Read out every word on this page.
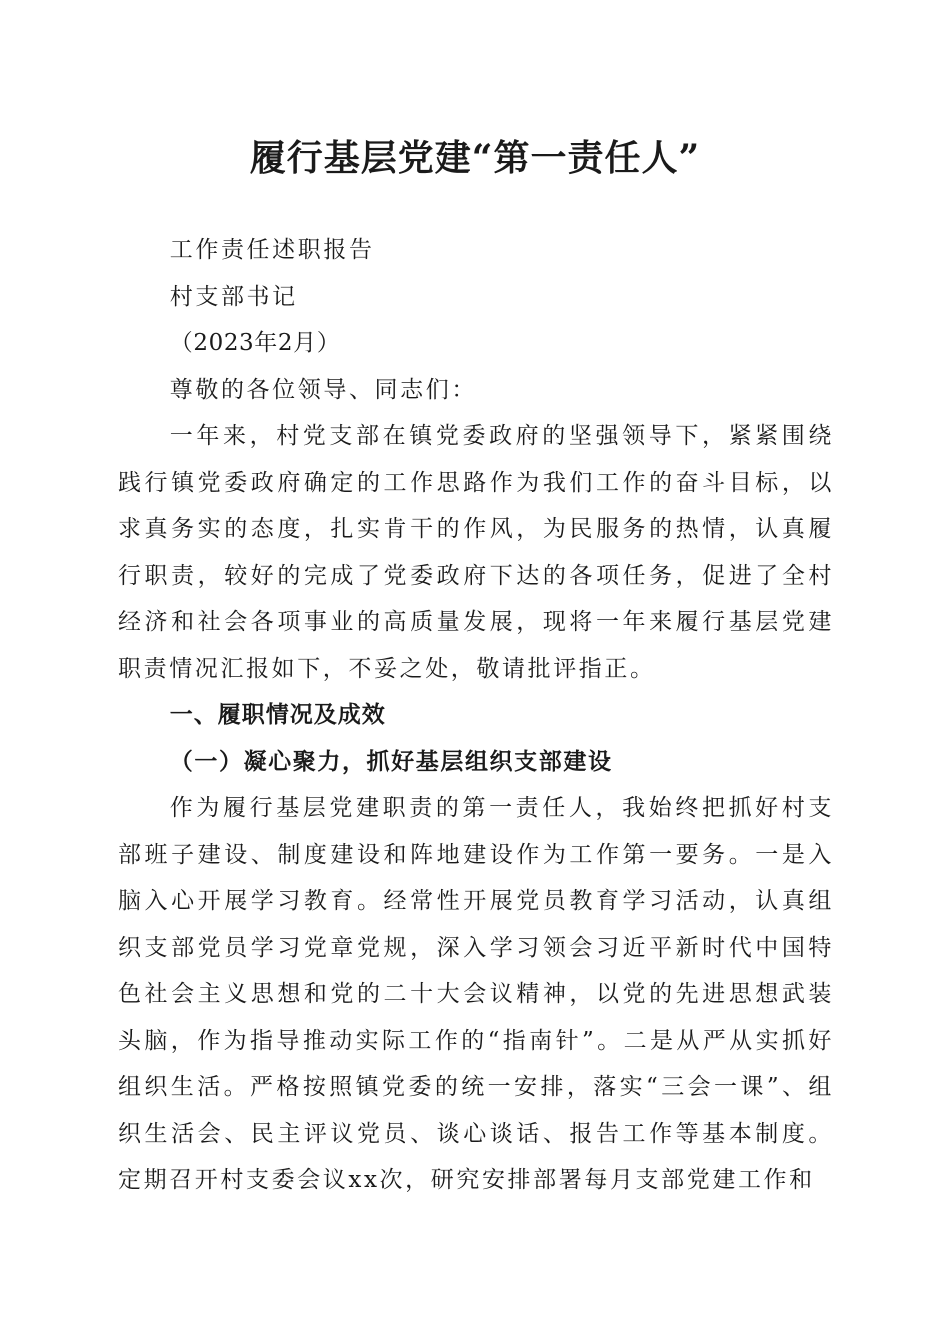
履行基层党建“第一责任人”

工作责任述职报告

村支部书记

（2023年2月）

尊敬的各位领导、同志们：

一年来，村党支部在镇党委政府的坚强领导下，紧紧围绕践行镇党委政府确定的工作思路作为我们工作的奋斗目标，以求真务实的态度，扎实肯干的作风，为民服务的热情，认真履行职责，较好的完成了党委政府下达的各项任务，促进了全村经济和社会各项事业的高质量发展，现将一年来履行基层党建职责情况汇报如下，不妥之处，敬请批评指正。

一、履职情况及成效

（一）凝心聚力，抓好基层组织支部建设

作为履行基层党建职责的第一责任人，我始终把抓好村支部班子建设、制度建设和阵地建设作为工作第一要务。一是入脑入心开展学习教育。经常性开展党员教育学习活动，认真组织支部党员学习党章党规，深入学习领会习近平新时代中国特色社会主义思想和党的二十大会议精神，以党的先进思想武装头脑，作为指导推动实际工作的“指南针”。二是从严从实抓好组织生活。严格按照镇党委的统一安排，落实“三会一课”、组织生活会、民主评议党员、谈心谈话、报告工作等基本制度。定期召开村支委会议xx次，研究安排部署每月支部党建工作和
